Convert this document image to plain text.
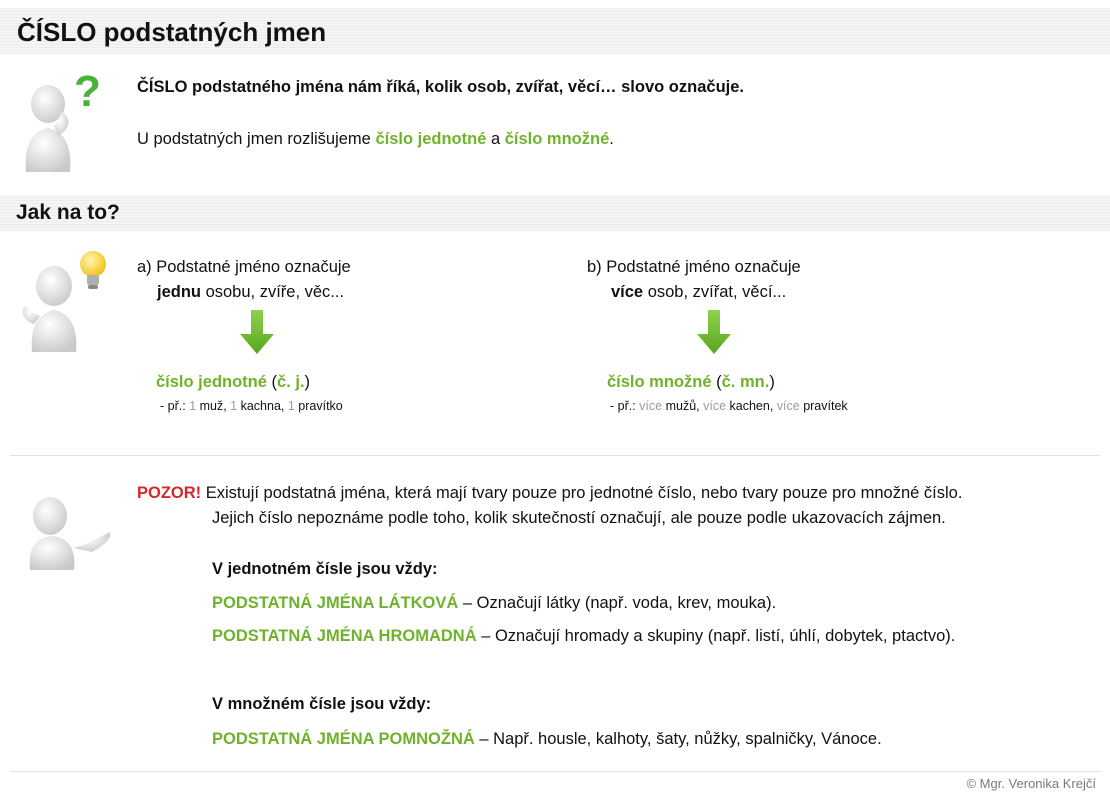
ČÍSLO podstatných jmen
? ČÍSLO podstatného jména nám říká, kolik osob, zvířat, věcí… slovo označuje.
U podstatných jmen rozlišujeme číslo jednotné a číslo množné.
Jak na to?
a) Podstatné jméno označuje
jednu osobu, zvíře, věc...
číslo jednotné (č. j.)
- př.: 1 muž, 1 kachna, 1 pravítko
b) Podstatné jméno označuje
více osob, zvířat, věcí...
číslo množné (č. mn.)
- př.: více mužů, více kachen, více pravítek
POZOR! Existují podstatná jména, která mají tvary pouze pro jednotné číslo, nebo tvary pouze pro množné číslo.
Jejich číslo nepoznáme podle toho, kolik skutečností označují, ale pouze podle ukazovacích zájmen.
V jednotném čísle jsou vždy:
PODSTATNÁ JMÉNA LÁTKOVÁ – Označují látky (např. voda, krev, mouka).
PODSTATNÁ JMÉNA HROMADNÁ – Označují hromady a skupiny (např. listí, úhlí, dobytek, ptactvo).
V množném čísle jsou vždy:
PODSTATNÁ JMÉNA POMNOŽNÁ – Např. housle, kalhoty, šaty, nůžky, spalničky, Vánoce.
© Mgr. Veronika Krejčí
